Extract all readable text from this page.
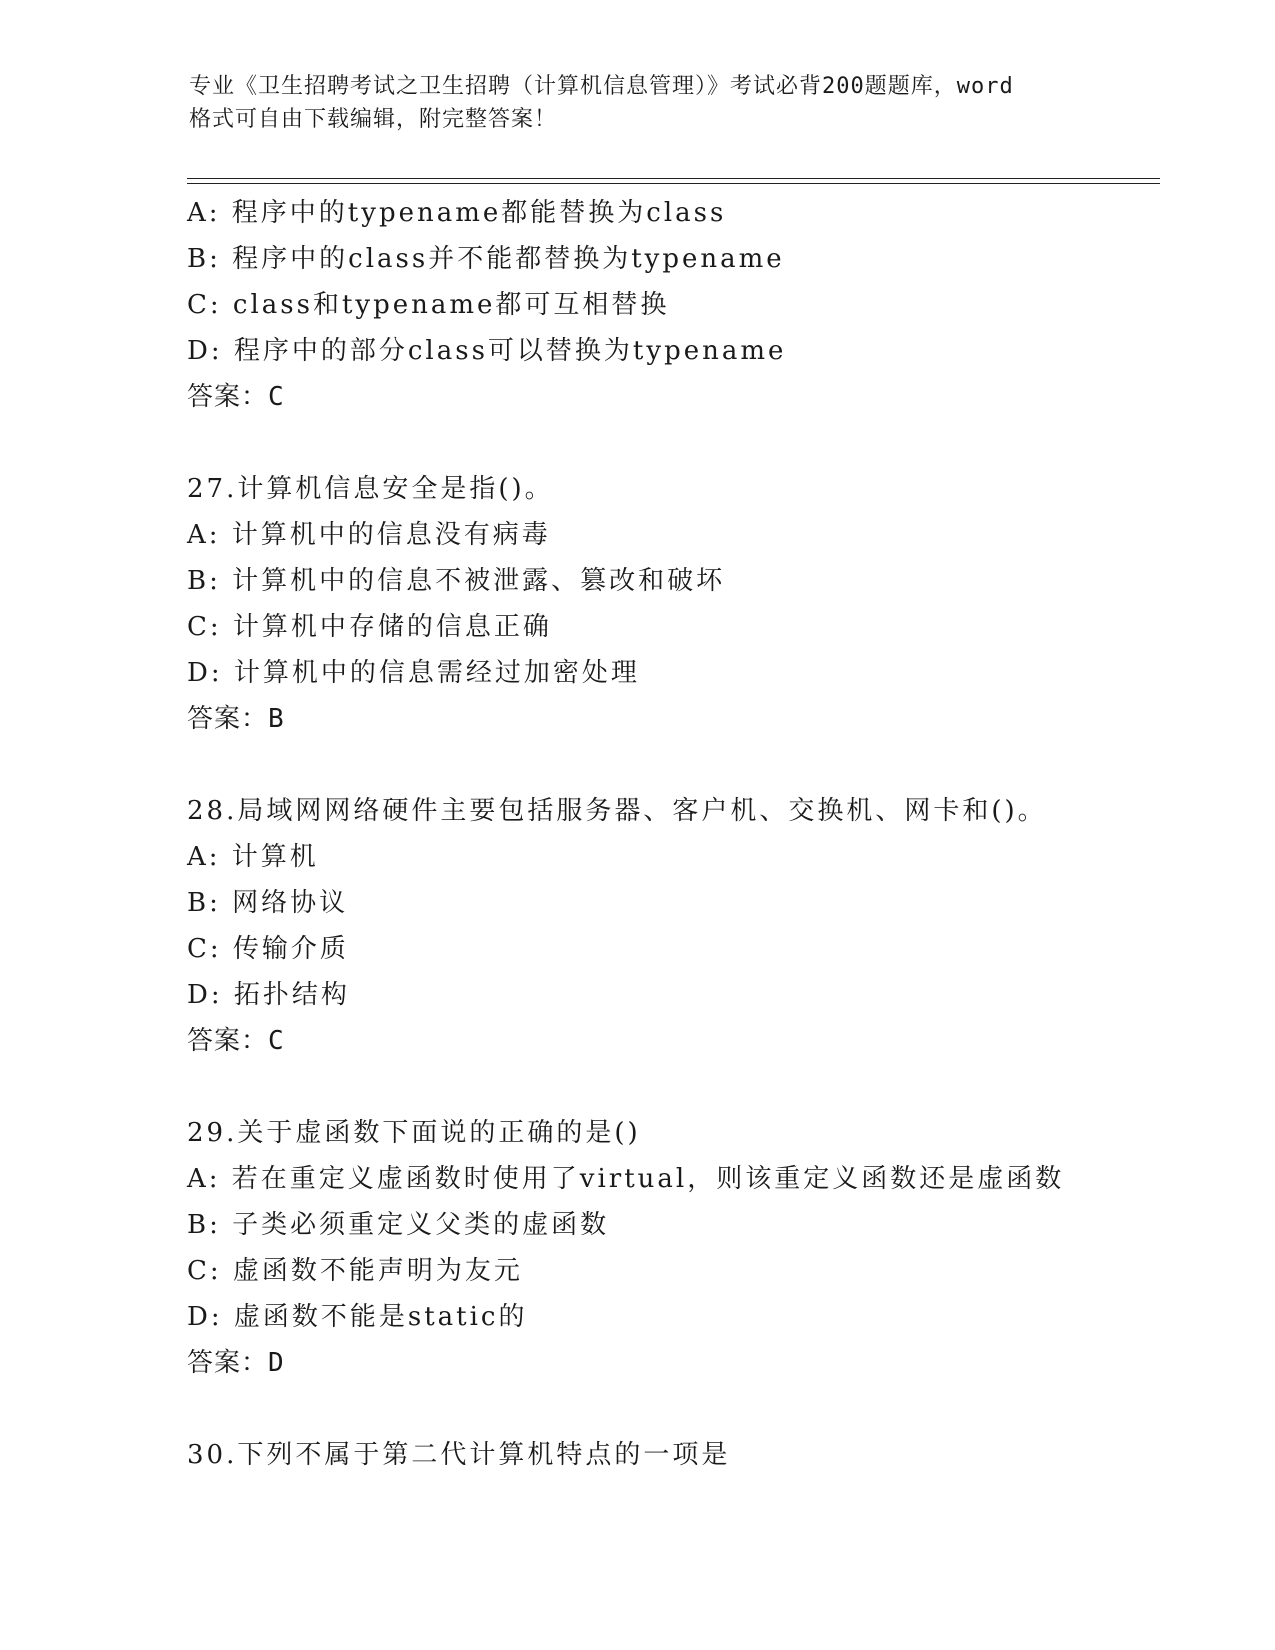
专业《卫生招聘考试之卫生招聘（计算机信息管理）》考试必背200题题库，word
格式可自由下载编辑，附完整答案！
A: 程序中的typename都能替换为class
B: 程序中的class并不能都替换为typename
C: class和typename都可互相替换
D: 程序中的部分class可以替换为typename
答案：C
27.计算机信息安全是指()。
A: 计算机中的信息没有病毒
B: 计算机中的信息不被泄露、篡改和破坏
C: 计算机中存储的信息正确
D: 计算机中的信息需经过加密处理
答案：B
28.局域网网络硬件主要包括服务器、客户机、交换机、网卡和()。
A: 计算机
B: 网络协议
C: 传输介质
D: 拓扑结构
答案：C
29.关于虚函数下面说的正确的是()
A: 若在重定义虚函数时使用了virtual，则该重定义函数还是虚函数
B: 子类必须重定义父类的虚函数
C: 虚函数不能声明为友元
D: 虚函数不能是static的
答案：D
30.下列不属于第二代计算机特点的一项是
